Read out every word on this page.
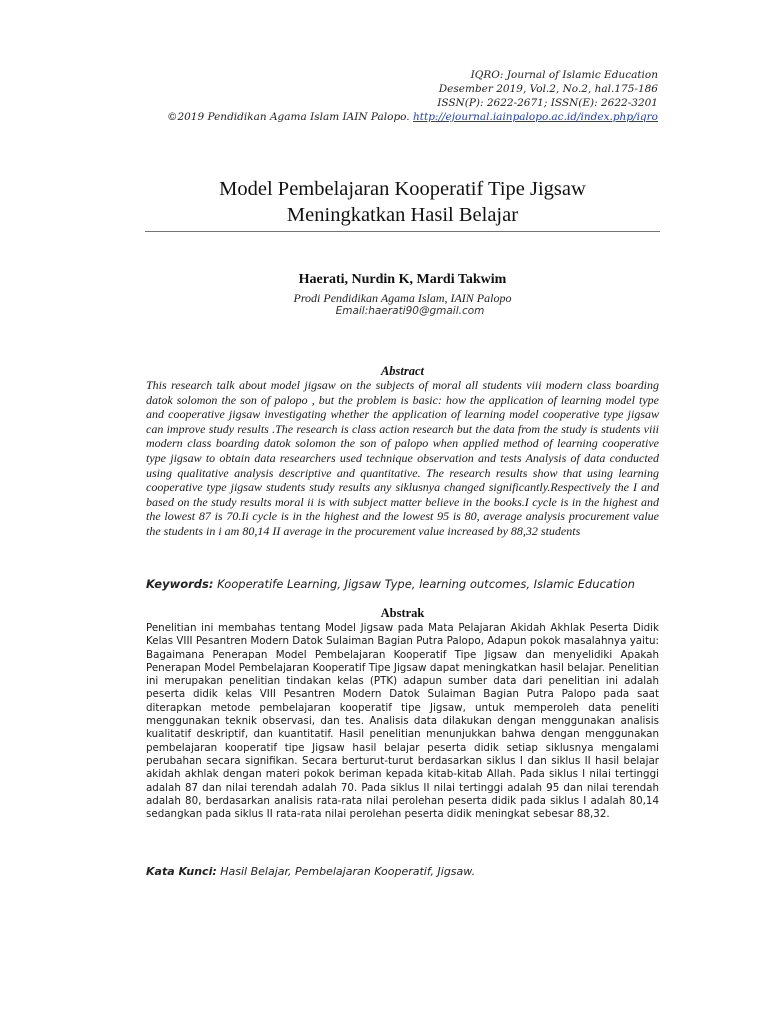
IQRO: Journal of Islamic Education
Desember 2019, Vol.2, No.2, hal.175-186
ISSN(P): 2622-2671; ISSN(E): 2622-3201
©2019 Pendidikan Agama Islam IAIN Palopo. http://ejournal.iainpalopo.ac.id/index.php/iqro
Model Pembelajaran Kooperatif Tipe Jigsaw
Meningkatkan Hasil Belajar
Haerati, Nurdin K, Mardi Takwim
Prodi Pendidikan Agama Islam, IAIN Palopo
Email:haerati90@gmail.com
Abstract
This research talk about model jigsaw on the subjects of moral all students viii modern class boarding datok solomon the son of palopo , but the problem is basic: how the application of learning model type and cooperative jigsaw investigating whether the application of learning model cooperative type jigsaw can improve study results .The research is class action research but the data from the study is students viii modern class boarding datok solomon the son of palopo when applied method of learning cooperative type jigsaw to obtain data researchers used technique observation and tests Analysis of data conducted using qualitative analysis descriptive and quantitative. The research results show that using learning cooperative type jigsaw students study results any siklusnya changed significantly.Respectively the I and based on the study results moral ii is with subject matter believe in the books.I cycle is in the highest and the lowest 87 is 70.Ii cycle is in the highest and the lowest 95 is 80, average analysis procurement value the students in i am 80,14 II average in the procurement value increased by 88,32 students
Keywords: Kooperatife Learning, Jigsaw Type, learning outcomes, Islamic Education
Abstrak
Penelitian ini membahas tentang Model Jigsaw pada Mata Pelajaran Akidah Akhlak Peserta Didik Kelas VIII Pesantren Modern Datok Sulaiman Bagian Putra Palopo, Adapun pokok masalahnya yaitu: Bagaimana Penerapan Model Pembelajaran Kooperatif Tipe Jigsaw dan menyelidiki Apakah Penerapan Model Pembelajaran Kooperatif Tipe Jigsaw dapat meningkatkan hasil belajar. Penelitian ini merupakan penelitian tindakan kelas (PTK) adapun sumber data dari penelitian ini adalah peserta didik kelas VIII Pesantren Modern Datok Sulaiman Bagian Putra Palopo pada saat diterapkan metode pembelajaran kooperatif tipe Jigsaw, untuk memperoleh data peneliti menggunakan teknik observasi, dan tes. Analisis data dilakukan dengan menggunakan analisis kualitatif deskriptif, dan kuantitatif. Hasil penelitian menunjukkan bahwa dengan menggunakan pembelajaran kooperatif tipe Jigsaw hasil belajar peserta didik setiap siklusnya mengalami perubahan secara signifikan. Secara berturut-turut berdasarkan siklus I dan siklus II hasil belajar akidah akhlak dengan materi pokok beriman kepada kitab-kitab Allah. Pada siklus I nilai tertinggi adalah 87 dan nilai terendah adalah 70. Pada siklus II nilai tertinggi adalah 95 dan nilai terendah adalah 80, berdasarkan analisis rata-rata nilai perolehan peserta didik pada siklus I adalah 80,14 sedangkan pada siklus II rata-rata nilai perolehan peserta didik meningkat sebesar 88,32.
Kata Kunci: Hasil Belajar, Pembelajaran Kooperatif, Jigsaw.
